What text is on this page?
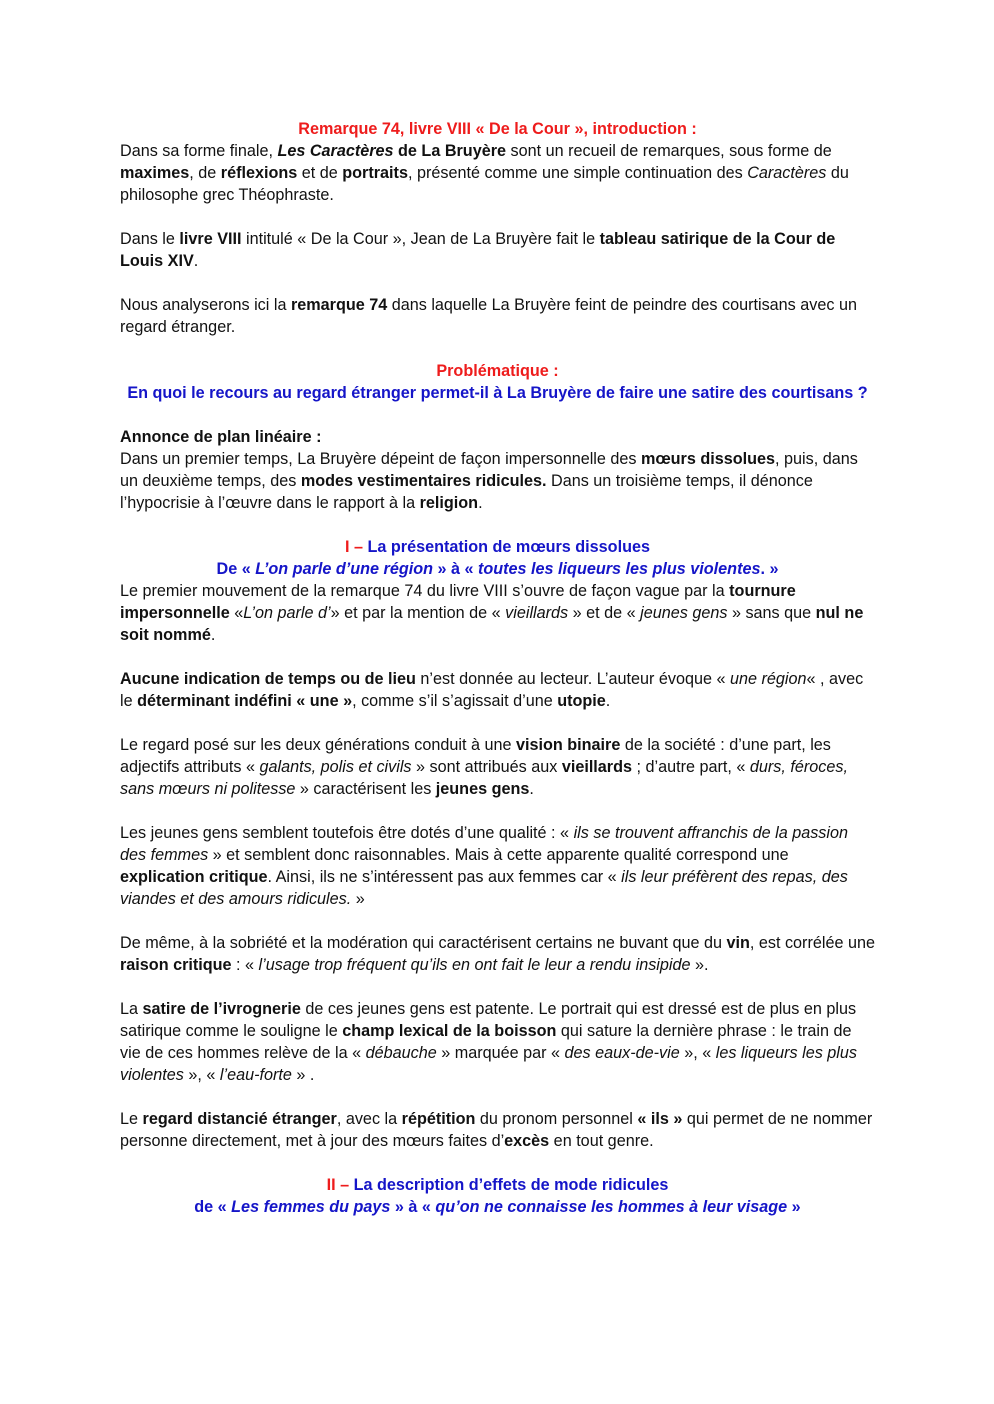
Remarque 74, livre VIII « De la Cour », introduction :

Dans sa forme finale, Les Caractères de La Bruyère sont un recueil de remarques, sous forme de maximes, de réflexions et de portraits, présenté comme une simple continuation des Caractères du philosophe grec Théophraste.

Dans le livre VIII intitulé « De la Cour », Jean de La Bruyère fait le tableau satirique de la Cour de Louis XIV.

Nous analyserons ici la remarque 74 dans laquelle La Bruyère feint de peindre des courtisans avec un regard étranger.

Problématique :

En quoi le recours au regard étranger permet-il à La Bruyère de faire une satire des courtisans ?

Annonce de plan linéaire :

Dans un premier temps, La Bruyère dépeint de façon impersonnelle des mœurs dissolues, puis, dans un deuxième temps, des modes vestimentaires ridicules. Dans un troisième temps, il dénonce l’hypocrisie à l’œuvre dans le rapport à la religion.

I – La présentation de mœurs dissolues

De « L’on parle d’une région » à « toutes les liqueurs les plus violentes. »

Le premier mouvement de la remarque 74 du livre VIII s’ouvre de façon vague par la tournure impersonnelle «L’on parle d’» et par la mention de « vieillards » et de « jeunes gens » sans que nul ne soit nommé.

Aucune indication de temps ou de lieu n’est donnée au lecteur. L’auteur évoque « une région« , avec le déterminant indéfini « une », comme s’il s’agissait d’une utopie.

Le regard posé sur les deux générations conduit à une vision binaire de la société : d’une part, les adjectifs attributs « galants, polis et civils » sont attribués aux vieillards ; d’autre part, « durs, féroces, sans mœurs ni politesse » caractérisent les jeunes gens.

Les jeunes gens semblent toutefois être dotés d’une qualité : « ils se trouvent affranchis de la passion des femmes » et semblent donc raisonnables. Mais à cette apparente qualité correspond une explication critique. Ainsi, ils ne s’intéressent pas aux femmes car « ils leur préfèrent des repas, des viandes et des amours ridicules. »

De même, à la sobriété et la modération qui caractérisent certains ne buvant que du vin, est corrélée une raison critique : « l’usage trop fréquent qu’ils en ont fait le leur a rendu insipide ».

La satire de l’ivrognerie de ces jeunes gens est patente. Le portrait qui est dressé est de plus en plus satirique comme le souligne le champ lexical de la boisson qui sature la dernière phrase : le train de vie de ces hommes relève de la « débauche » marquée par « des eaux-de-vie », « les liqueurs les plus violentes », « l’eau-forte » .

Le regard distancié étranger, avec la répétition du pronom personnel « ils » qui permet de ne nommer personne directement, met à jour des mœurs faites d’excès en tout genre.

II – La description d’effets de mode ridicules

de « Les femmes du pays » à « qu’on ne connaisse les hommes à leur visage »
